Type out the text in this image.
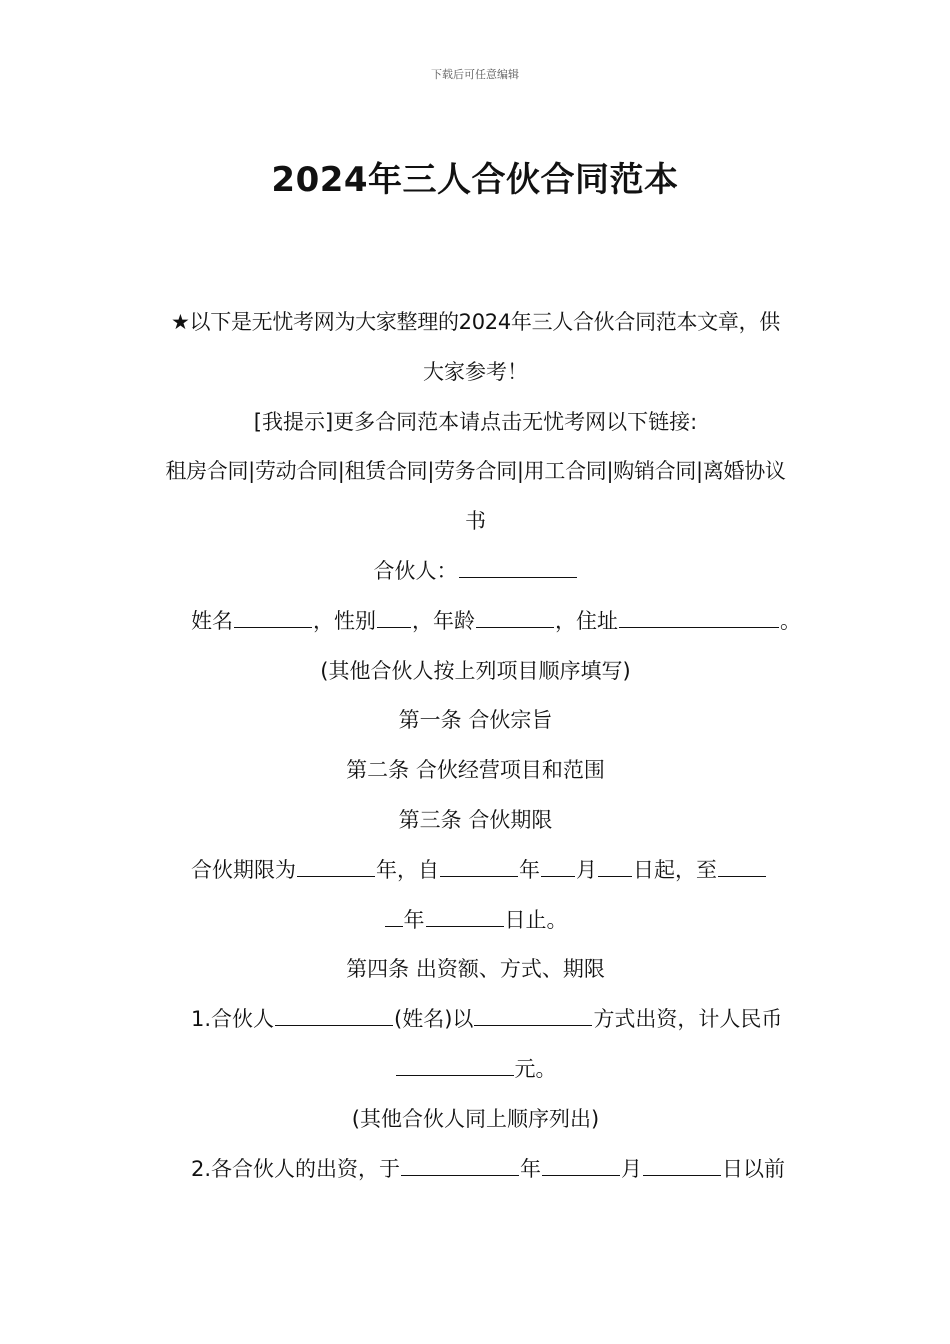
下载后可任意编辑
2024年三人合伙合同范本

★以下是无忧考网为大家整理的2024年三人合伙合同范本文章，供

大家参考！

[我提示]更多合同范本请点击无忧考网以下链接:

租房合同|劳动合同|租赁合同|劳务合同|用工合同|购销合同|离婚协议

书

合伙人：

姓名	，性别 ，年龄	，住址	。

(其他合伙人按上列项目顺序填写)

第一条 合伙宗旨

第二条 合伙经营项目和范围

第三条 合伙期限

合伙期限为	年，自	年 月 日起，至

年	日止。

第四条 出资额、方式、期限

1.合伙人	(姓名)以	方式出资，计人民币

元。

(其他合伙人同上顺序列出)

2.各合伙人的出资，于	年	月	日以前
